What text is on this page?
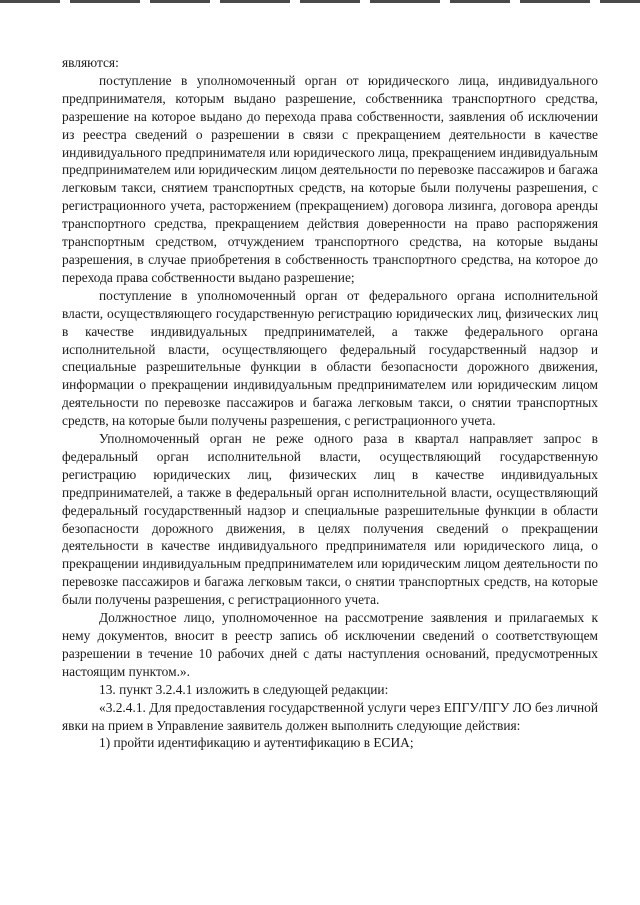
являются:

поступление в уполномоченный орган от юридического лица, индивидуального предпринимателя, которым выдано разрешение, собственника транспортного средства, разрешение на которое выдано до перехода права собственности, заявления об исключении из реестра сведений о разрешении в связи с прекращением деятельности в качестве индивидуального предпринимателя или юридического лица, прекращением индивидуальным предпринимателем или юридическим лицом деятельности по перевозке пассажиров и багажа легковым такси, снятием транспортных средств, на которые были получены разрешения, с регистрационного учета, расторжением (прекращением) договора лизинга, договора аренды транспортного средства, прекращением действия доверенности на право распоряжения транспортным средством, отчуждением транспортного средства, на которые выданы разрешения, в случае приобретения в собственность транспортного средства, на которое до перехода права собственности выдано разрешение;

поступление в уполномоченный орган от федерального органа исполнительной власти, осуществляющего государственную регистрацию юридических лиц, физических лиц в качестве индивидуальных предпринимателей, а также федерального органа исполнительной власти, осуществляющего федеральный государственный надзор и специальные разрешительные функции в области безопасности дорожного движения, информации о прекращении индивидуальным предпринимателем или юридическим лицом деятельности по перевозке пассажиров и багажа легковым такси, о снятии транспортных средств, на которые были получены разрешения, с регистрационного учета.

Уполномоченный орган не реже одного раза в квартал направляет запрос в федеральный орган исполнительной власти, осуществляющий государственную регистрацию юридических лиц, физических лиц в качестве индивидуальных предпринимателей, а также в федеральный орган исполнительной власти, осуществляющий федеральный государственный надзор и специальные разрешительные функции в области безопасности дорожного движения, в целях получения сведений о прекращении деятельности в качестве индивидуального предпринимателя или юридического лица, о прекращении индивидуальным предпринимателем или юридическим лицом деятельности по перевозке пассажиров и багажа легковым такси, о снятии транспортных средств, на которые были получены разрешения, с регистрационного учета.

Должностное лицо, уполномоченное на рассмотрение заявления и прилагаемых к нему документов, вносит в реестр запись об исключении сведений о соответствующем разрешении в течение 10 рабочих дней с даты наступления оснований, предусмотренных настоящим пунктом.».

13. пункт 3.2.4.1 изложить в следующей редакции:

«3.2.4.1. Для предоставления государственной услуги через ЕПГУ/ПГУ ЛО без личной явки на прием в Управление заявитель должен выполнить следующие действия:

1) пройти идентификацию и аутентификацию в ЕСИА;
